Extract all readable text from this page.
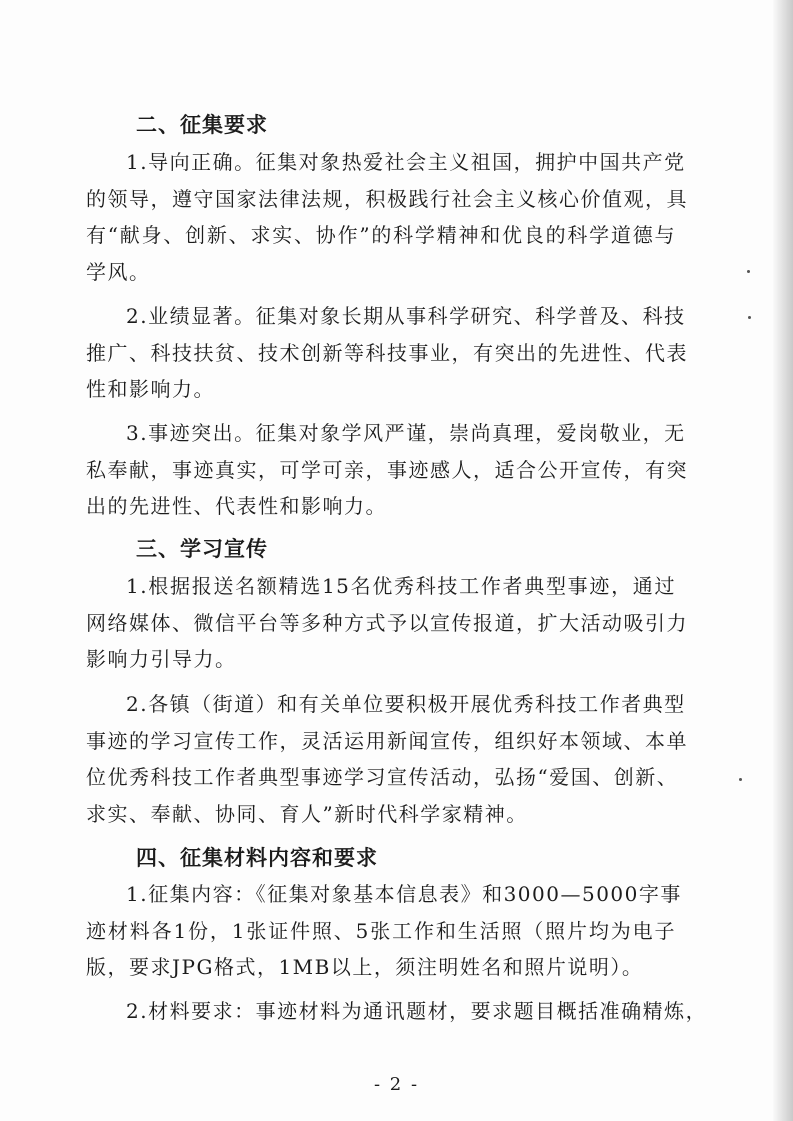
二、征集要求
1.导向正确。征集对象热爱社会主义祖国，拥护中国共产党
的领导，遵守国家法律法规，积极践行社会主义核心价值观，具
有“献身、创新、求实、协作”的科学精神和优良的科学道德与
学风。
2.业绩显著。征集对象长期从事科学研究、科学普及、科技
推广、科技扶贫、技术创新等科技事业，有突出的先进性、代表
性和影响力。
3.事迹突出。征集对象学风严谨，崇尚真理，爱岗敬业，无
私奉献，事迹真实，可学可亲，事迹感人，适合公开宣传，有突
出的先进性、代表性和影响力。
三、学习宣传
1.根据报送名额精选15名优秀科技工作者典型事迹，通过
网络媒体、微信平台等多种方式予以宣传报道，扩大活动吸引力
影响力引导力。
2.各镇（街道）和有关单位要积极开展优秀科技工作者典型
事迹的学习宣传工作，灵活运用新闻宣传，组织好本领域、本单
位优秀科技工作者典型事迹学习宣传活动，弘扬“爱国、创新、
求实、奉献、协同、育人”新时代科学家精神。
四、征集材料内容和要求
1.征集内容：《征集对象基本信息表》和3000—5000字事
迹材料各1份，1张证件照、5张工作和生活照（照片均为电子
版，要求JPG格式，1MB以上，须注明姓名和照片说明）。
2.材料要求：事迹材料为通讯题材，要求题目概括准确精炼，
- 2 -
